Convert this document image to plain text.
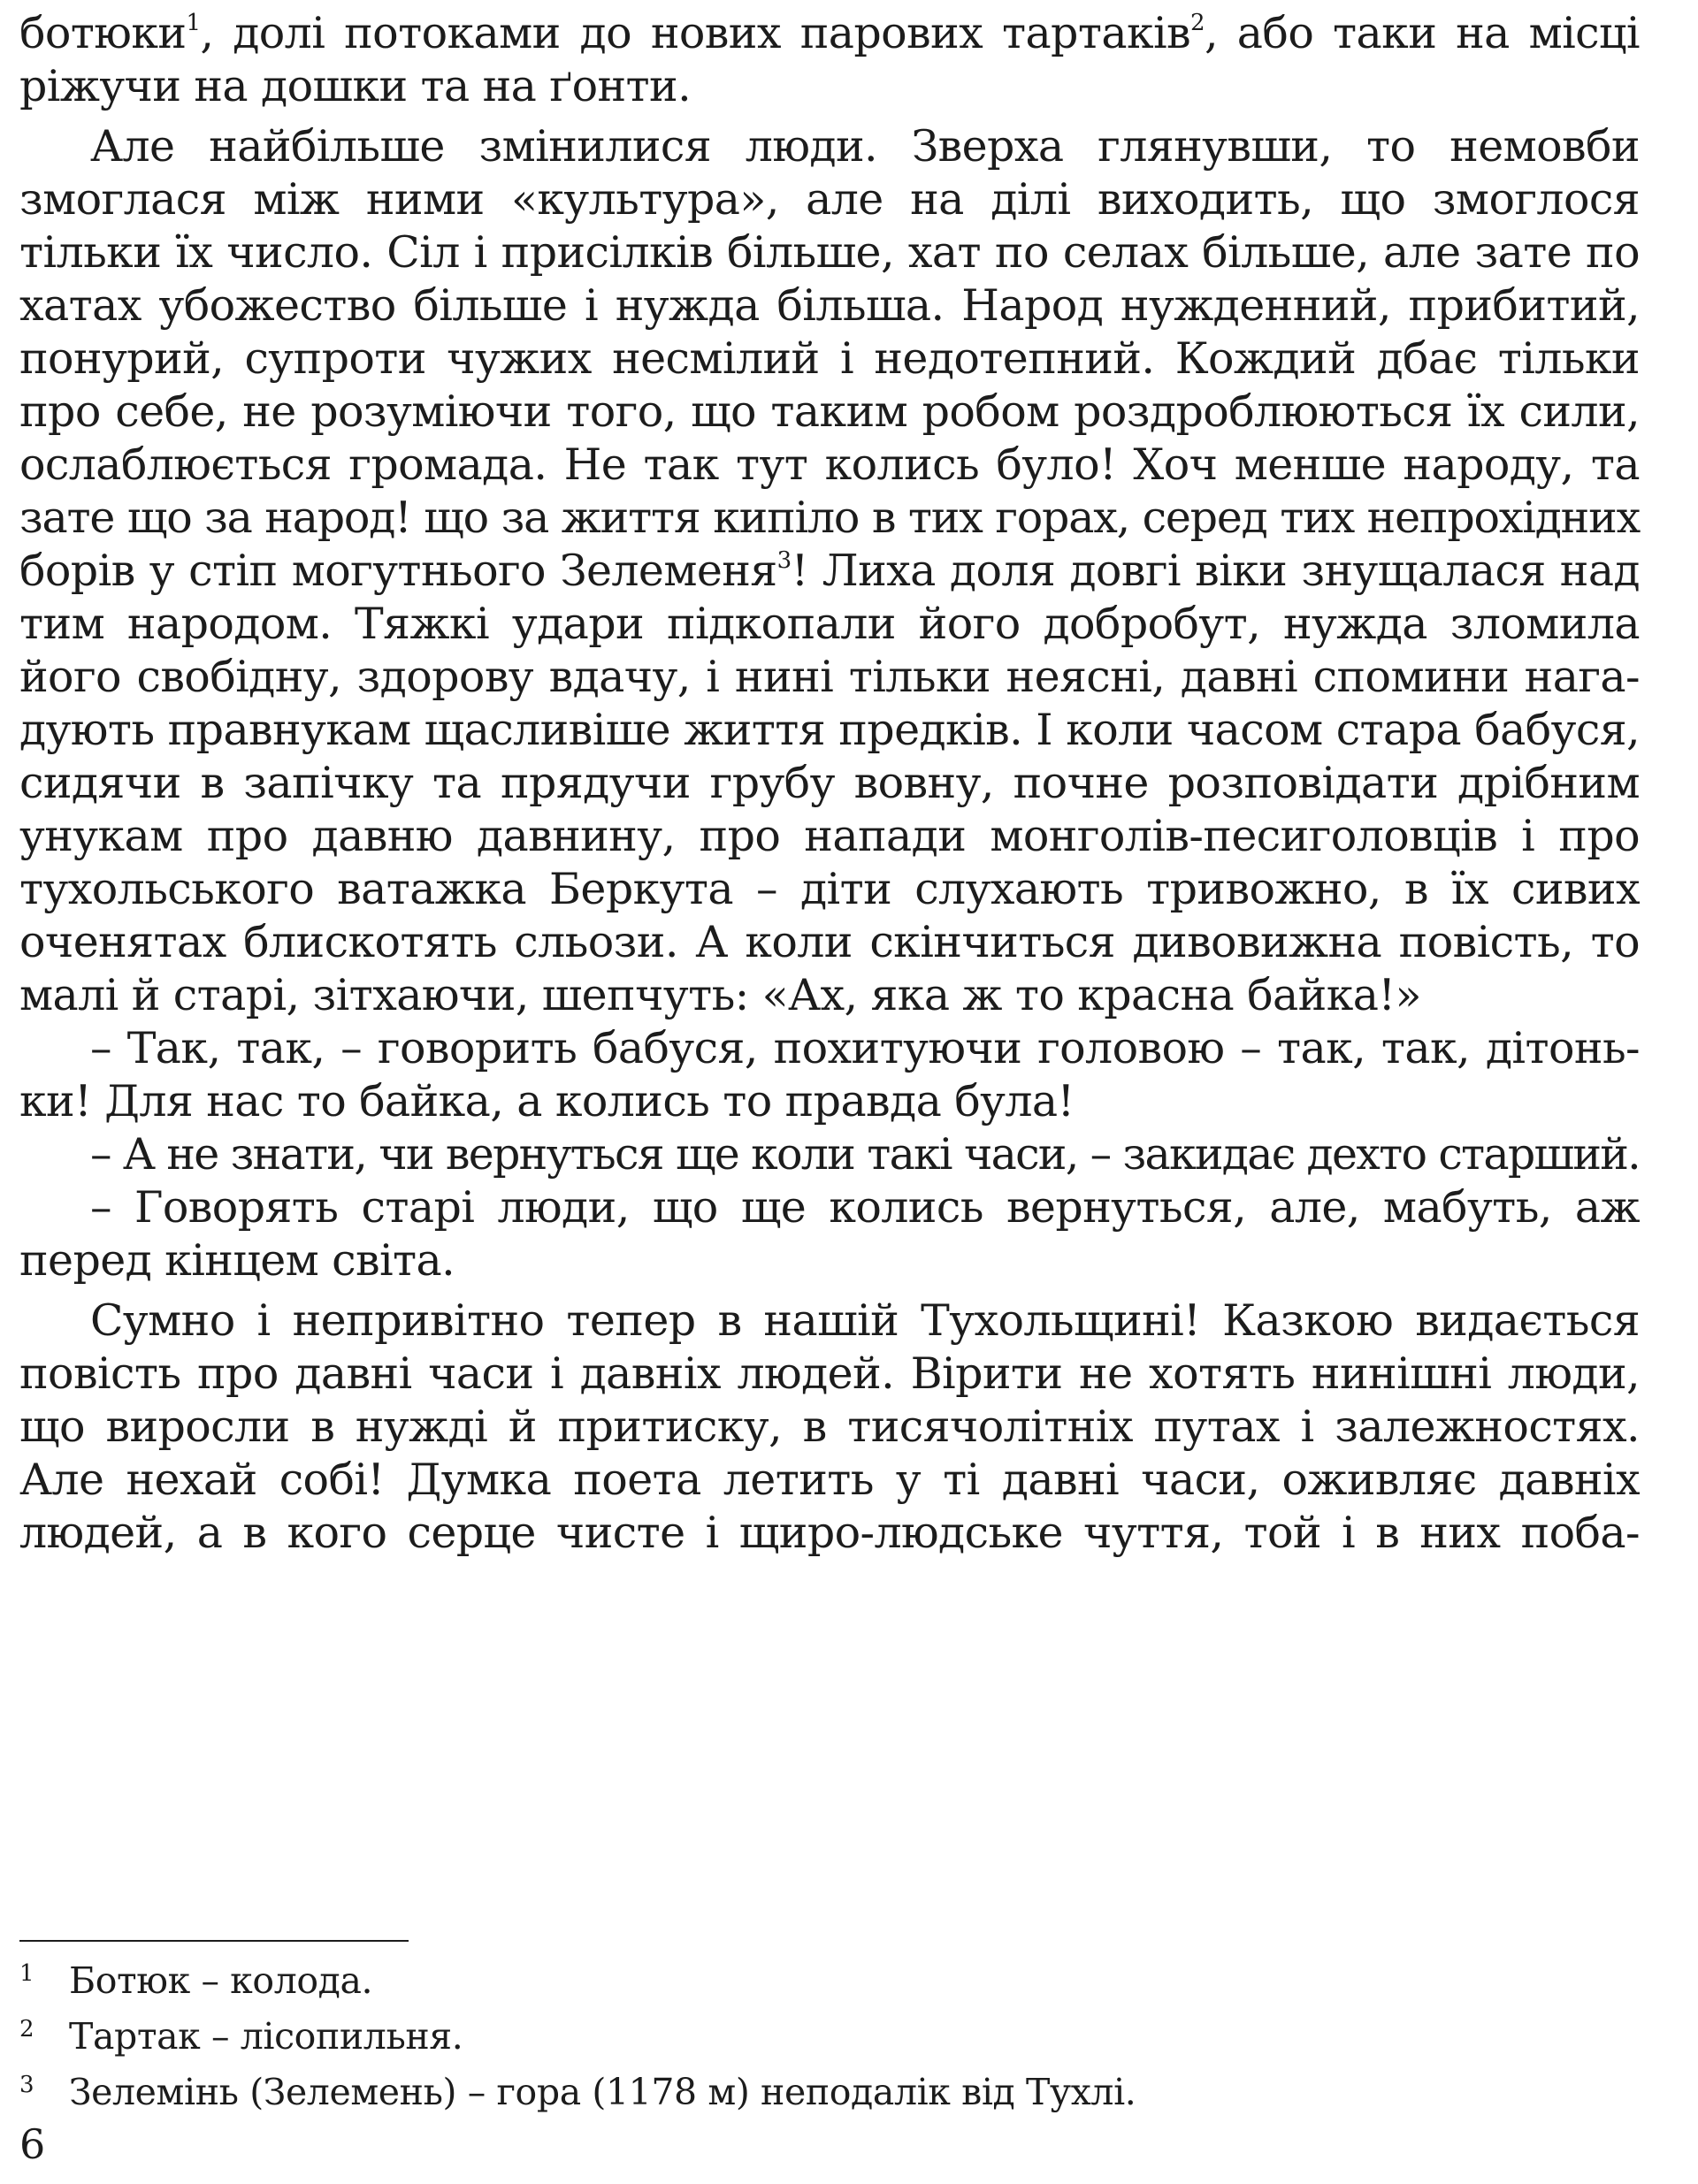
ботюки$^1$, долі потоками до нових парових тартаків$^2$, або таки на місці
ріжучи на дошки та на ґонти.
Але найбільше змінилися люди. Зверха глянувши, то немовби
змоглася між ними «культура», але на ділі виходить, що змоглося
тільки їх число. Сіл і присілків більше, хат по селах більше, але зате по
хатах убожество більше і нужда більша. Народ нужденний, прибитий,
понурий, супроти чужих несмілий і недотепний. Кождий дбає тільки
про себе, не розуміючи того, що таким робом роздроблюються їх сили,
ослаблюється громада. Не так тут колись було! Хоч менше народу, та
зате що за народ! що за життя кипіло в тих горах, серед тих непрохідних
борів у стіп могутнього Зелеменя$^3$! Лиха доля довгі віки знущалася над
тим народом. Тяжкі удари підкопали його добробут, нужда зломила
його свобідну, здорову вдачу, і нині тільки неясні, давні спомини нага-
дують правнукам щасливіше життя предків. І коли часом стара бабуся,
сидячи в запічку та прядучи грубу вовну, почне розповідати дрібним
унукам про давню давнину, про напади монголів-песиголовців і про
тухольського ватажка Беркута – діти слухають тривожно, в їх сивих
оченятах блискотять сльози. А коли скінчиться дивовижна повість, то
малі й старі, зітхаючи, шепчуть: «Ах, яка ж то красна байка!»
– Так, так, – говорить бабуся, похитуючи головою – так, так, дітонь-
ки! Для нас то байка, а колись то правда була!
– А не знати, чи вернуться ще коли такі часи, – закидає дехто старший.
– Говорять старі люди, що ще колись вернуться, але, мабуть, аж
перед кінцем світа.
Сумно і непривітно тепер в нашій Тухольщині! Казкою видається
повість про давні часи і давніх людей. Вірити не хотять нинішні люди,
що виросли в нужді й притиску, в тисячолітніх путах і залежностях.
Але нехай собі! Думка поета летить у ті давні часи, оживляє давніх
людей, а в кого серце чисте і щиро-людське чуття, той і в них поба-
1 Ботюк – колода.
2 Тартак – лісопильня.
3 Зелемінь (Зелемень) – гора (1178 м) неподалік від Тухлі.
6
